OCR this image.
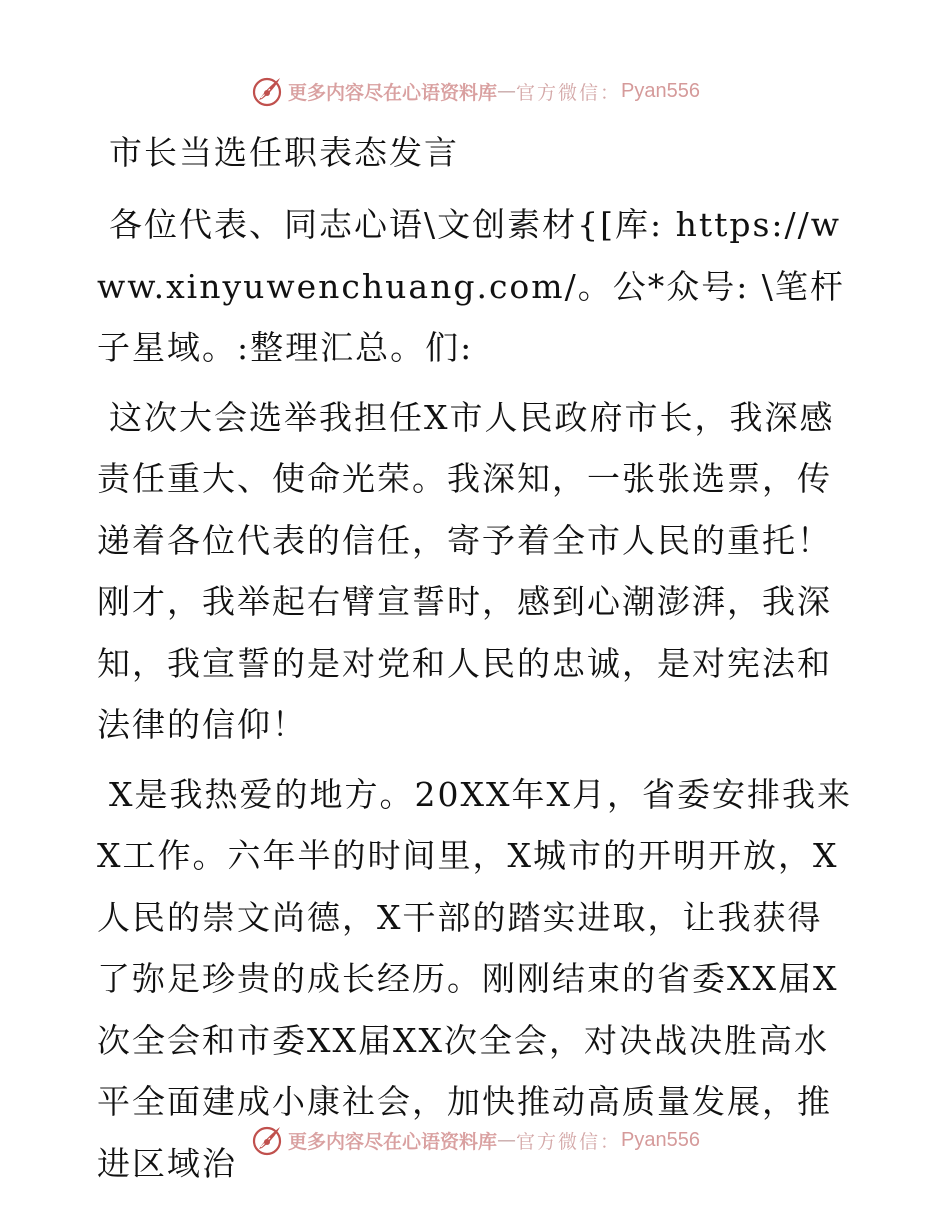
更多内容尽在心语资料库 — 官方微信： Pyan556
市长当选任职表态发言

各位代表、同志心语\文创素材{[库: https://www.xinyuwenchuang.com/。公*众号: \笔杆子星域。:整理汇总。们:

这次大会选举我担任X市人民政府市长，我深感责任重大、使命光荣。我深知，一张张选票，传递着各位代表的信任，寄予着全市人民的重托！刚才，我举起右臂宣誓时，感到心潮澎湃，我深知，我宣誓的是对党和人民的忠诚，是对宪法和法律的信仰！

X是我热爱的地方。20XX年X月，省委安排我来X工作。六年半的时间里，X城市的开明开放，X人民的崇文尚德，X干部的踏实进取，让我获得了弥足珍贵的成长经历。刚刚结束的省委XX届X次全会和市委XX届XX次全会，对决战决胜高水平全面建成小康社会，加快推动高质量发展，推进区域治

更多内容尽在心语资料库 — 官方微信： Pyan556
